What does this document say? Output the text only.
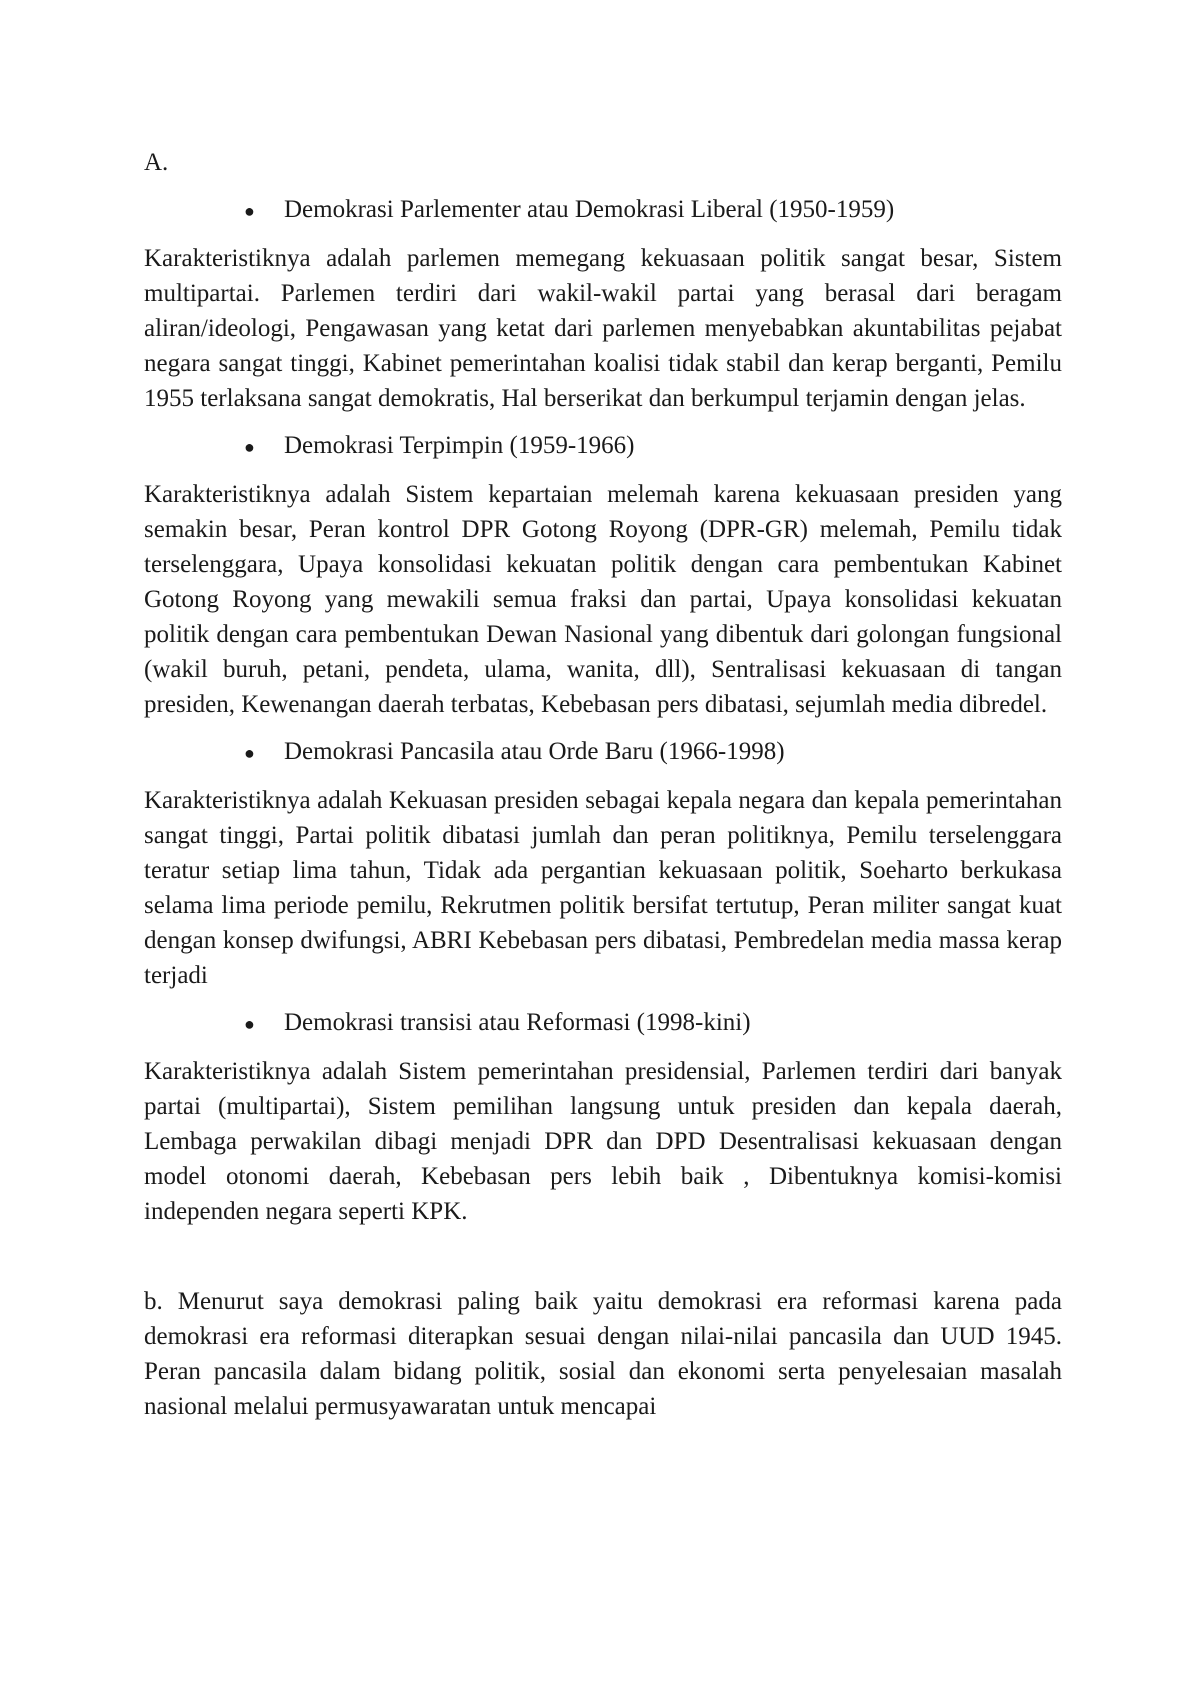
A.

●	Demokrasi Parlementer atau Demokrasi Liberal (1950-1959)

Karakteristiknya adalah parlemen memegang kekuasaan politik sangat besar, Sistem multipartai. Parlemen terdiri dari wakil-wakil partai yang berasal dari beragam aliran/ideologi, Pengawasan yang ketat dari parlemen menyebabkan akuntabilitas pejabat negara sangat tinggi, Kabinet pemerintahan koalisi tidak stabil dan kerap berganti, Pemilu 1955 terlaksana sangat demokratis, Hal berserikat dan berkumpul terjamin dengan jelas.

●	Demokrasi Terpimpin (1959-1966)

Karakteristiknya adalah Sistem kepartaian melemah karena kekuasaan presiden yang semakin besar, Peran kontrol DPR Gotong Royong (DPR-GR) melemah, Pemilu tidak terselenggara, Upaya konsolidasi kekuatan politik dengan cara pembentukan Kabinet Gotong Royong yang mewakili semua fraksi dan partai, Upaya konsolidasi kekuatan politik dengan cara pembentukan Dewan Nasional yang dibentuk dari golongan fungsional (wakil buruh, petani, pendeta, ulama, wanita, dll), Sentralisasi kekuasaan di tangan presiden, Kewenangan daerah terbatas, Kebebasan pers dibatasi, sejumlah media dibredel.

●	Demokrasi Pancasila atau Orde Baru (1966-1998)

Karakteristiknya adalah Kekuasan presiden sebagai kepala negara dan kepala pemerintahan sangat tinggi, Partai politik dibatasi jumlah dan peran politiknya, Pemilu terselenggara teratur setiap lima tahun, Tidak ada pergantian kekuasaan politik, Soeharto berkukasa selama lima periode pemilu, Rekrutmen politik bersifat tertutup, Peran militer sangat kuat dengan konsep dwifungsi, ABRI Kebebasan pers dibatasi, Pembredelan media massa kerap terjadi

●	Demokrasi transisi atau Reformasi (1998-kini)

Karakteristiknya adalah Sistem pemerintahan presidensial, Parlemen terdiri dari banyak partai (multipartai), Sistem pemilihan langsung untuk presiden dan kepala daerah, Lembaga perwakilan dibagi menjadi DPR dan DPD Desentralisasi kekuasaan dengan model otonomi daerah, Kebebasan pers lebih baik , Dibentuknya komisi-komisi independen negara seperti KPK.

b. Menurut saya demokrasi paling baik yaitu demokrasi era reformasi karena pada demokrasi era reformasi diterapkan sesuai dengan nilai-nilai pancasila dan UUD 1945. Peran pancasila dalam bidang politik, sosial dan ekonomi serta penyelesaian masalah nasional melalui permusyawaratan untuk mencapai
